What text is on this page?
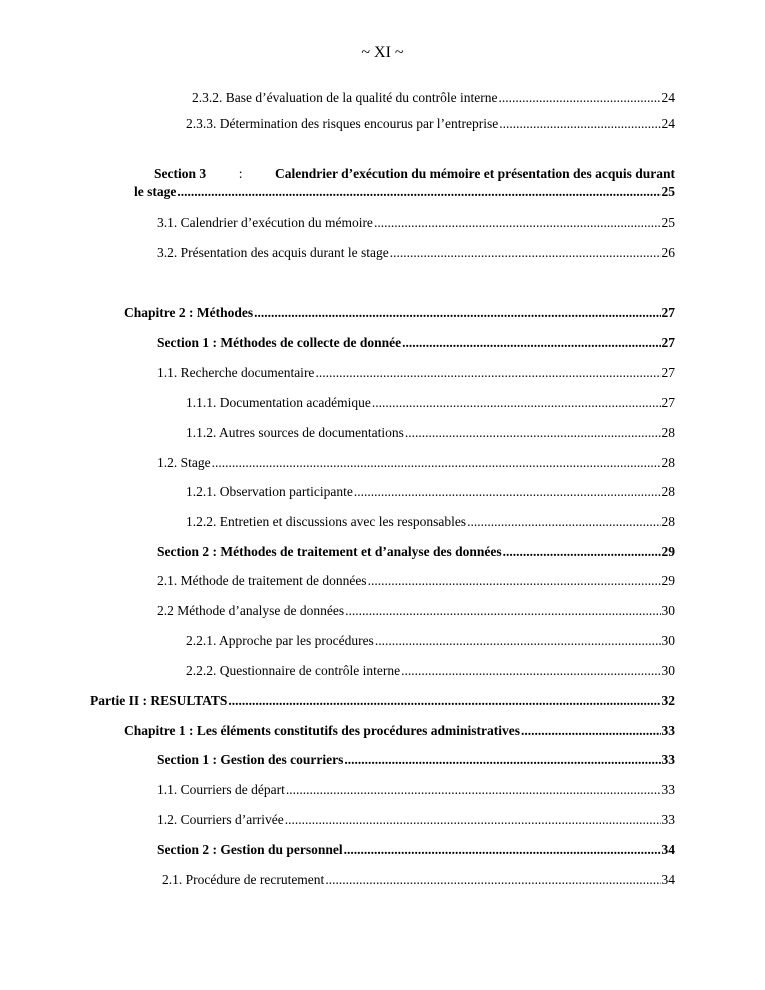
~ XI ~
2.3.2. Base d’évaluation de la qualité du contrôle interne .....	24
2.3.3. Détermination des risques encourus par l’entreprise .....	24
Section 3 : Calendrier d’exécution du mémoire et présentation des acquis durant
le stage .....	25
3.1. Calendrier d’exécution du mémoire .....	25
3.2. Présentation des acquis durant le stage .....	26
Chapitre 2 : Méthodes .....	27
Section 1 : Méthodes de collecte de donnée .....	27
1.1. Recherche documentaire .....	27
1.1.1. Documentation académique .....	27
1.1.2. Autres sources de documentations .....	28
1.2. Stage .....	28
1.2.1. Observation participante .....	28
1.2.2. Entretien et discussions avec les responsables .....	28
Section 2 : Méthodes de traitement et d’analyse des données .....	29
2.1. Méthode de traitement de données .....	29
2.2 Méthode d’analyse de données .....	30
2.2.1. Approche par les procédures .....	30
2.2.2. Questionnaire de contrôle interne .....	30
Partie II : RESULTATS .....	32
Chapitre 1 : Les éléments constitutifs des procédures administratives .....	33
Section 1 : Gestion des courriers .....	33
1.1. Courriers de départ .....	33
1.2. Courriers d’arrivée .....	33
Section 2 : Gestion du personnel .....	34
2.1. Procédure de recrutement .....	34
